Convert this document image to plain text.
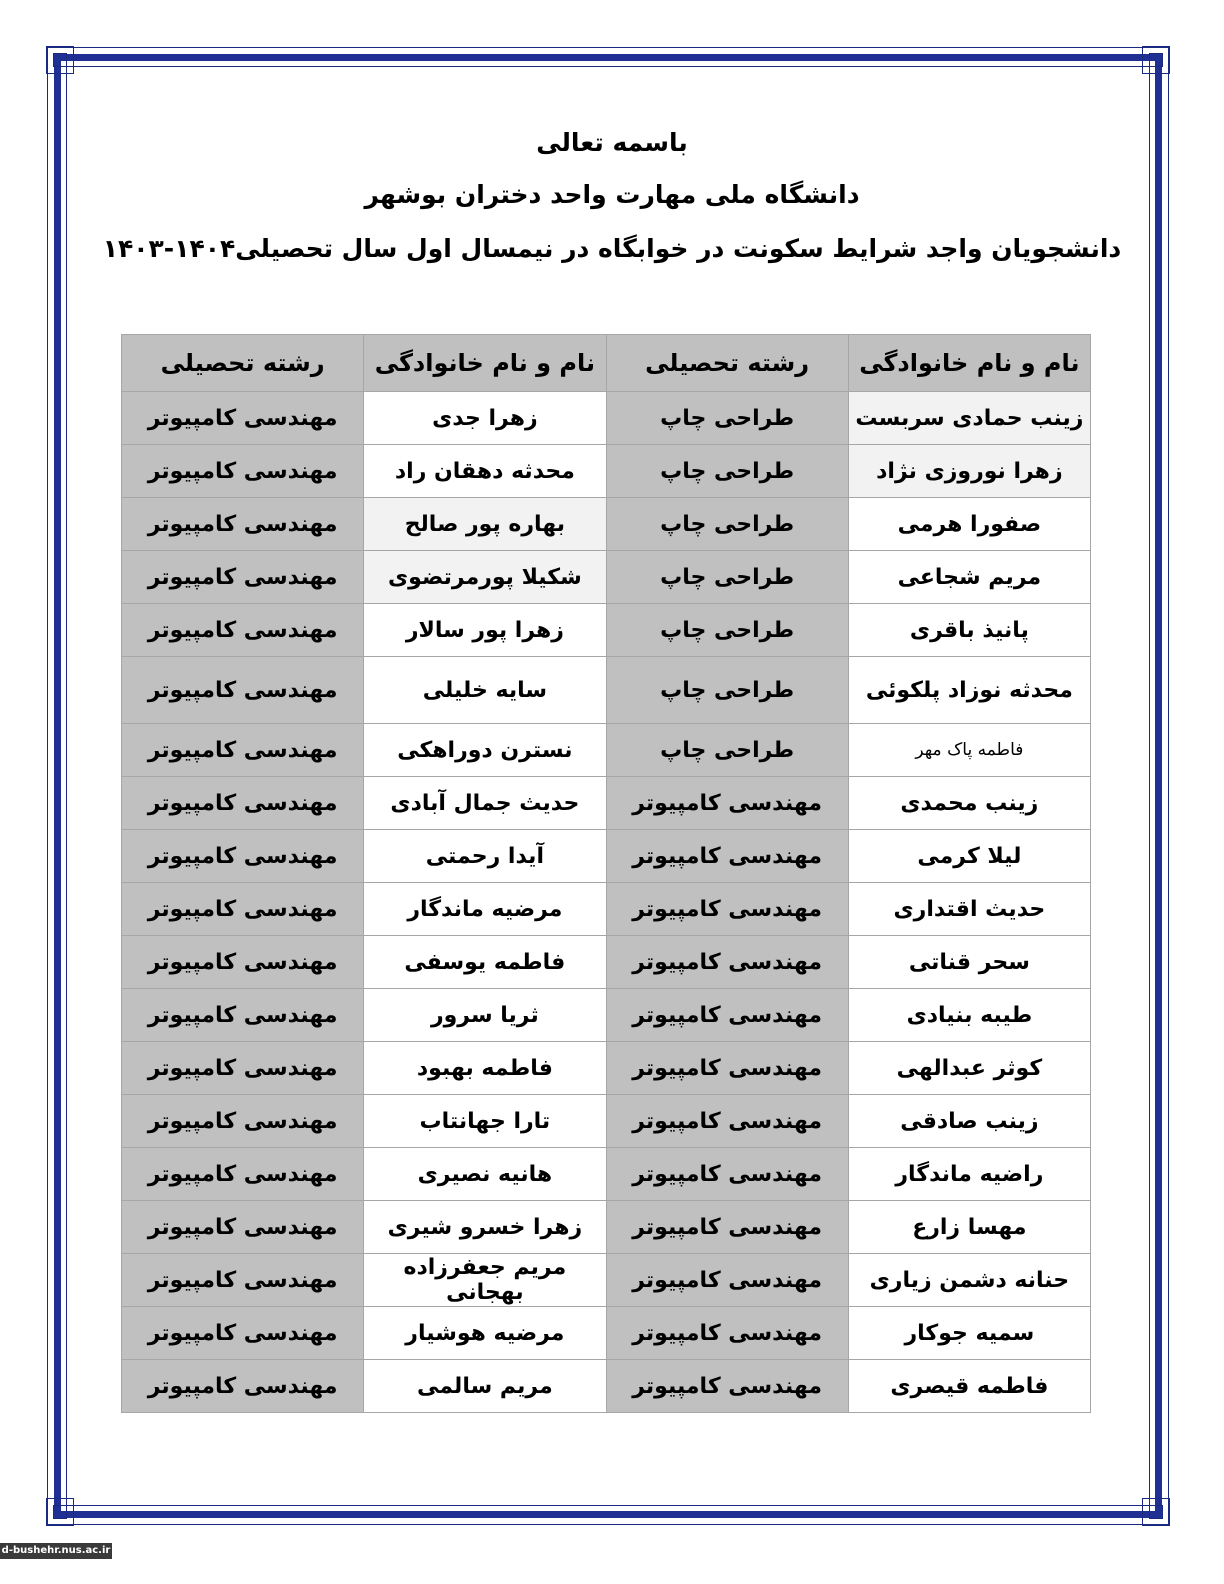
باسمه تعالی
دانشگاه ملی مهارت واحد دختران بوشهر
دانشجویان واجد شرایط سکونت در خوابگاه در نیمسال اول سال تحصیلی۱۴۰۴-۱۴۰۳
نام و نام خانوادگی	رشته تحصیلی	نام و نام خانوادگی	رشته تحصیلی
زینب حمادی سربست	طراحی چاپ	زهرا جدی	مهندسی کامپیوتر
زهرا نوروزی نژاد	طراحی چاپ	محدثه دهقان راد	مهندسی کامپیوتر
صفورا هرمی	طراحی چاپ	بهاره پور صالح	مهندسی کامپیوتر
مریم شجاعی	طراحی چاپ	شکیلا پورمرتضوی	مهندسی کامپیوتر
پانیذ باقری	طراحی چاپ	زهرا پور سالار	مهندسی کامپیوتر
محدثه نوزاد پلکوئی	طراحی چاپ	سایه خلیلی	مهندسی کامپیوتر
فاطمه پاک مهر	طراحی چاپ	نسترن دوراهکی	مهندسی کامپیوتر
زینب محمدی	مهندسی کامپیوتر	حدیث جمال آبادی	مهندسی کامپیوتر
لیلا کرمی	مهندسی کامپیوتر	آیدا رحمتی	مهندسی کامپیوتر
حدیث اقتداری	مهندسی کامپیوتر	مرضیه ماندگار	مهندسی کامپیوتر
سحر قناتی	مهندسی کامپیوتر	فاطمه یوسفی	مهندسی کامپیوتر
طیبه بنیادی	مهندسی کامپیوتر	ثریا سرور	مهندسی کامپیوتر
کوثر عبدالهی	مهندسی کامپیوتر	فاطمه بهبود	مهندسی کامپیوتر
زینب صادقی	مهندسی کامپیوتر	تارا جهانتاب	مهندسی کامپیوتر
راضیه ماندگار	مهندسی کامپیوتر	هانیه نصیری	مهندسی کامپیوتر
مهسا زارع	مهندسی کامپیوتر	زهرا خسرو شیری	مهندسی کامپیوتر
حنانه دشمن زیاری	مهندسی کامپیوتر	مریم جعفرزاده بهجانی	مهندسی کامپیوتر
سمیه جوکار	مهندسی کامپیوتر	مرضیه هوشیار	مهندسی کامپیوتر
فاطمه قیصری	مهندسی کامپیوتر	مریم سالمی	مهندسی کامپیوتر
d-bushehr.nus.ac.ir
